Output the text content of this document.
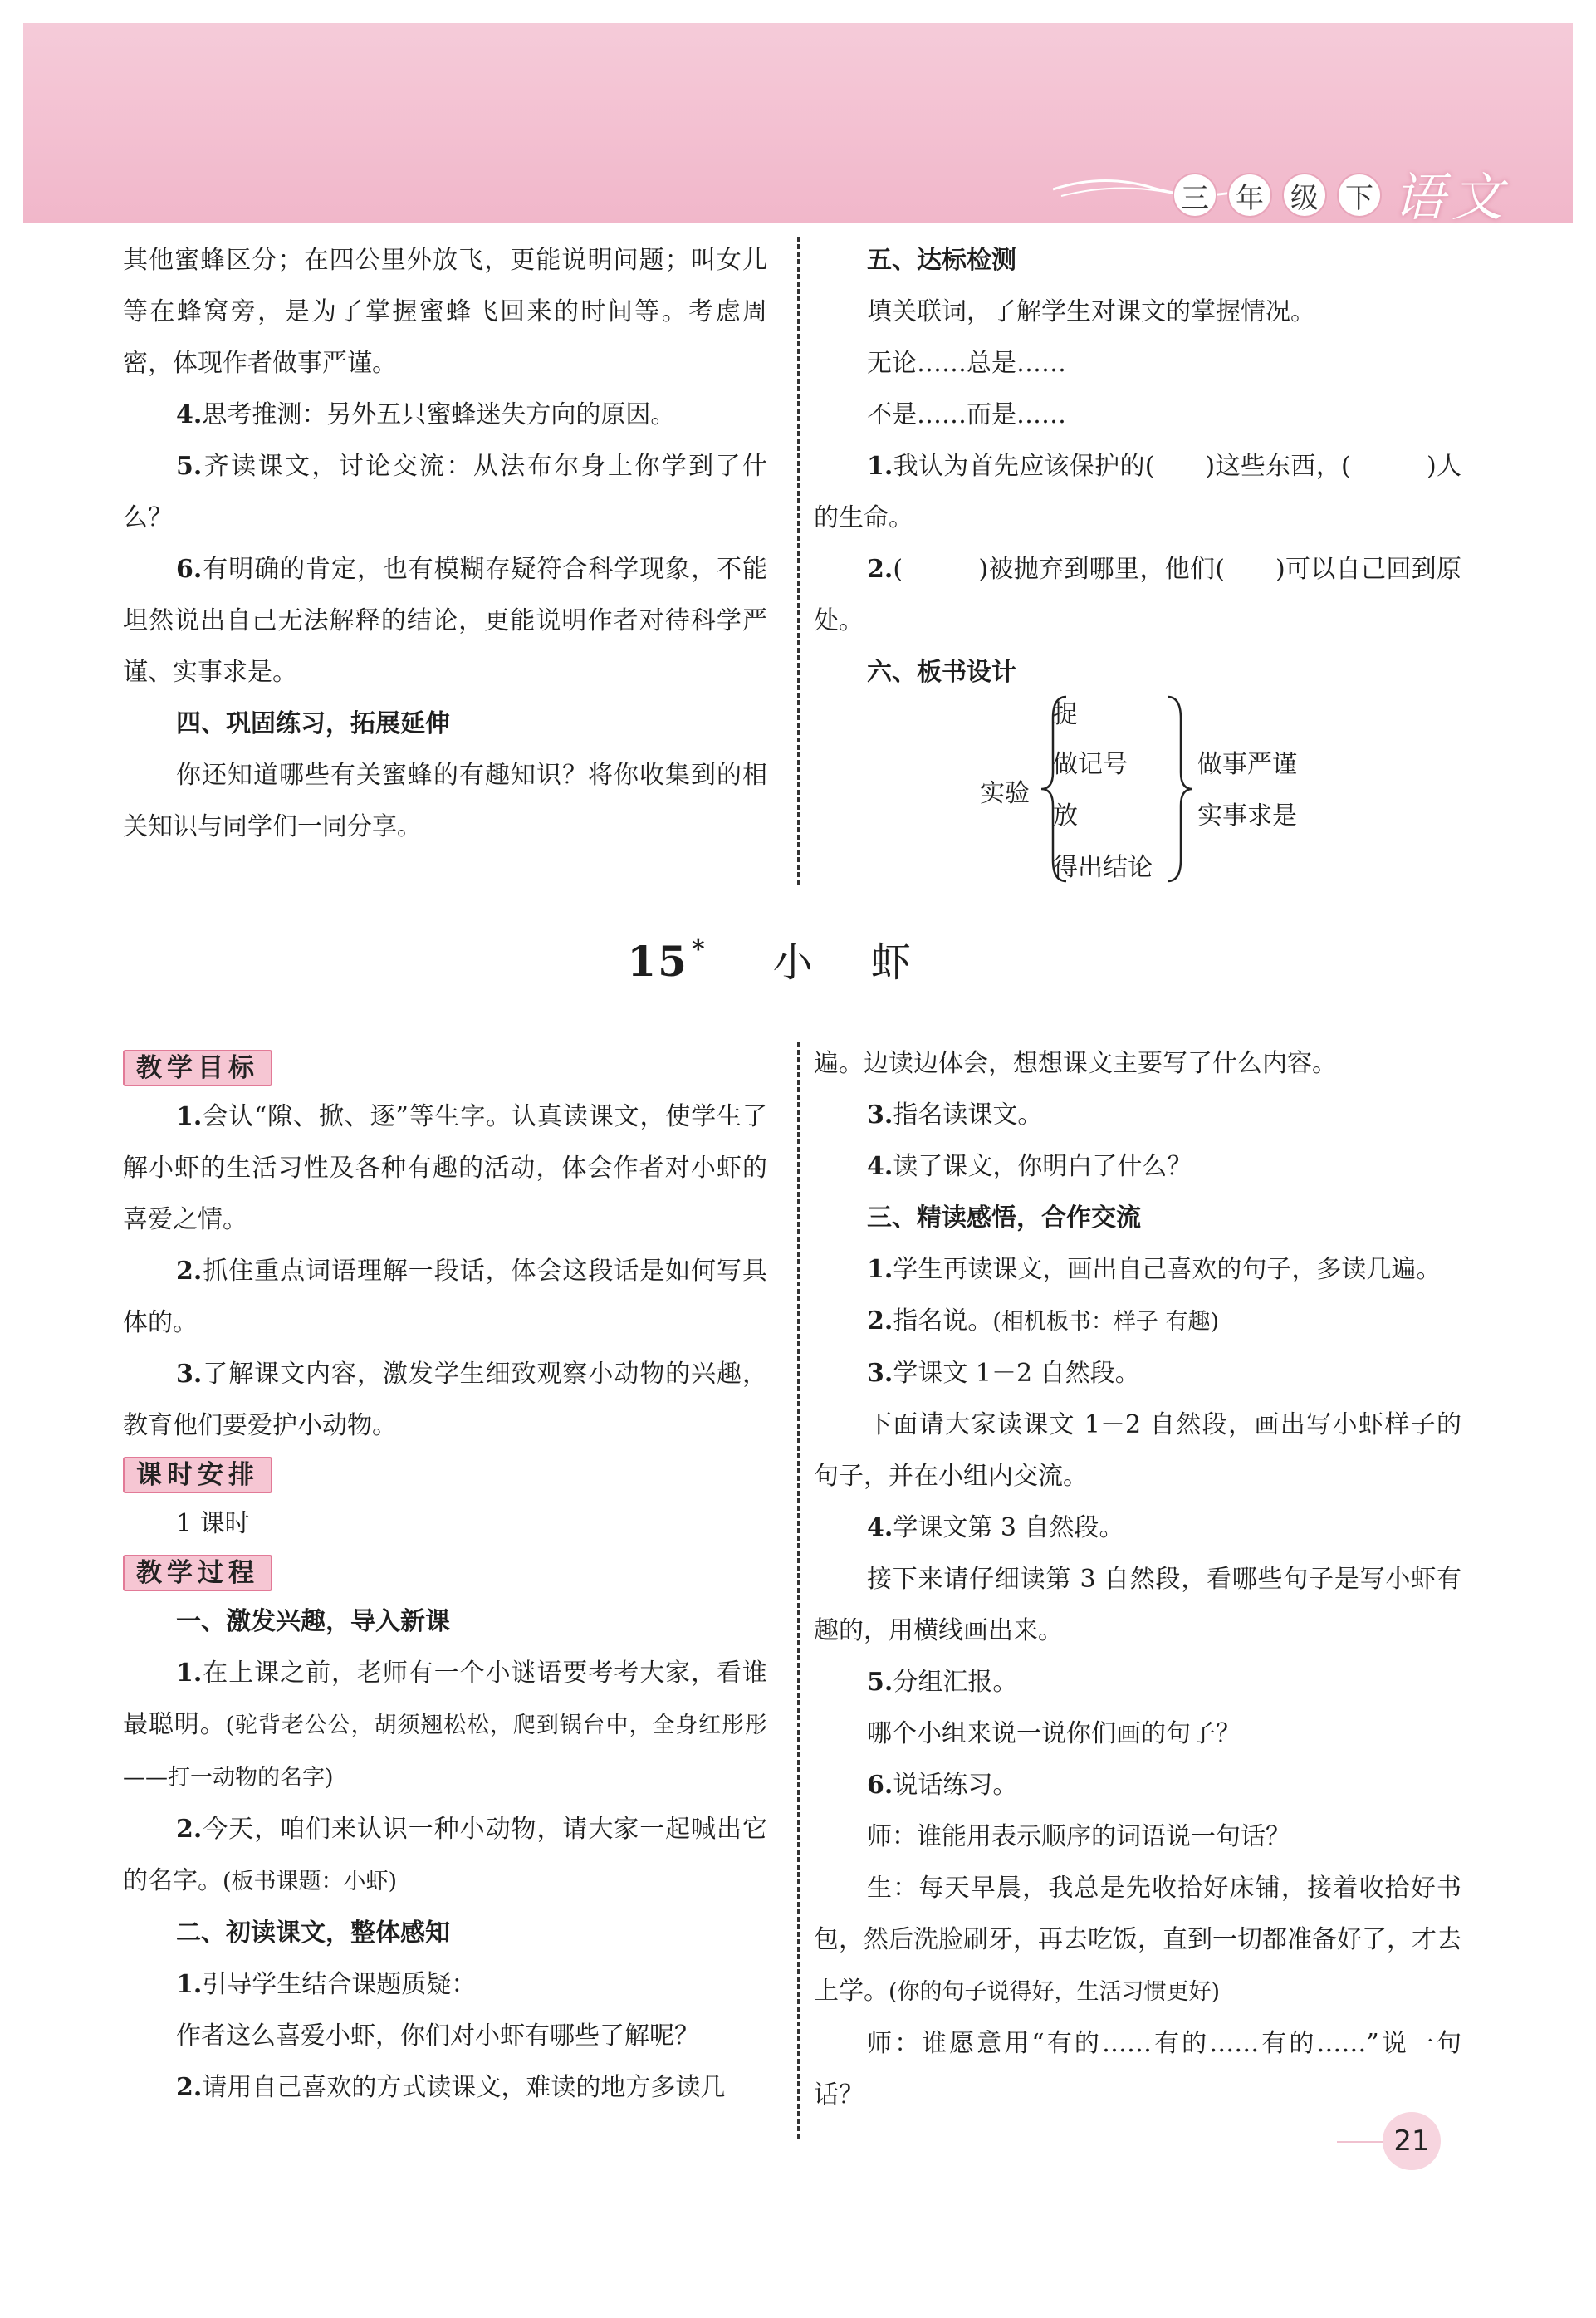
三 年 级 下 语文

其他蜜蜂区分；在四公里外放飞，更能说明问题；叫女儿等在蜂窝旁，是为了掌握蜜蜂飞回来的时间等。考虑周密，体现作者做事严谨。

4.思考推测：另外五只蜜蜂迷失方向的原因。

5.齐读课文，讨论交流：从法布尔身上你学到了什么？

6.有明确的肯定，也有模糊存疑符合科学现象，不能坦然说出自己无法解释的结论，更能说明作者对待科学严谨、实事求是。

四、巩固练习，拓展延伸

你还知道哪些有关蜜蜂的有趣知识？将你收集到的相关知识与同学们一同分享。

五、达标检测

填关联词，了解学生对课文的掌握情况。

无论……总是……

不是……而是……

1.我认为首先应该保护的(　　)这些东西，(　　　)人的生命。

2.(　　　)被抛弃到哪里，他们(　　)可以自己回到原处。

六、板书设计

实验
捉
做记号
放
得出结论
做事严谨
实事求是
15 * 小虾
教学目标

1.会认“隙、掀、逐”等生字。认真读课文，使学生了解小虾的生活习性及各种有趣的活动，体会作者对小虾的喜爱之情。

2.抓住重点词语理解一段话，体会这段话是如何写具体的。

3.了解课文内容，激发学生细致观察小动物的兴趣，教育他们要爱护小动物。

课时安排

1 课时

教学过程

一、激发兴趣，导入新课

1.在上课之前，老师有一个小谜语要考考大家，看谁最聪明。(驼背老公公，胡须翘松松，爬到锅台中，全身红彤彤——打一动物的名字)

2.今天，咱们来认识一种小动物，请大家一起喊出它的名字。(板书课题：小虾)

二、初读课文，整体感知

1.引导学生结合课题质疑：

作者这么喜爱小虾，你们对小虾有哪些了解呢？

2.请用自己喜欢的方式读课文，难读的地方多读几

遍。边读边体会，想想课文主要写了什么内容。

3.指名读课文。

4.读了课文，你明白了什么？

三、精读感悟，合作交流

1.学生再读课文，画出自己喜欢的句子，多读几遍。

2.指名说。(相机板书：样子 有趣)

3.学课文 1－2 自然段。

下面请大家读课文 1－2 自然段，画出写小虾样子的句子，并在小组内交流。

4.学课文第 3 自然段。

接下来请仔细读第 3 自然段，看哪些句子是写小虾有趣的，用横线画出来。

5.分组汇报。

哪个小组来说一说你们画的句子？

6.说话练习。

师：谁能用表示顺序的词语说一句话？

生：每天早晨，我总是先收拾好床铺，接着收拾好书包，然后洗脸刷牙，再去吃饭，直到一切都准备好了，才去上学。(你的句子说得好，生活习惯更好)

师：谁愿意用“有的……有的……有的……”说一句话？

21
